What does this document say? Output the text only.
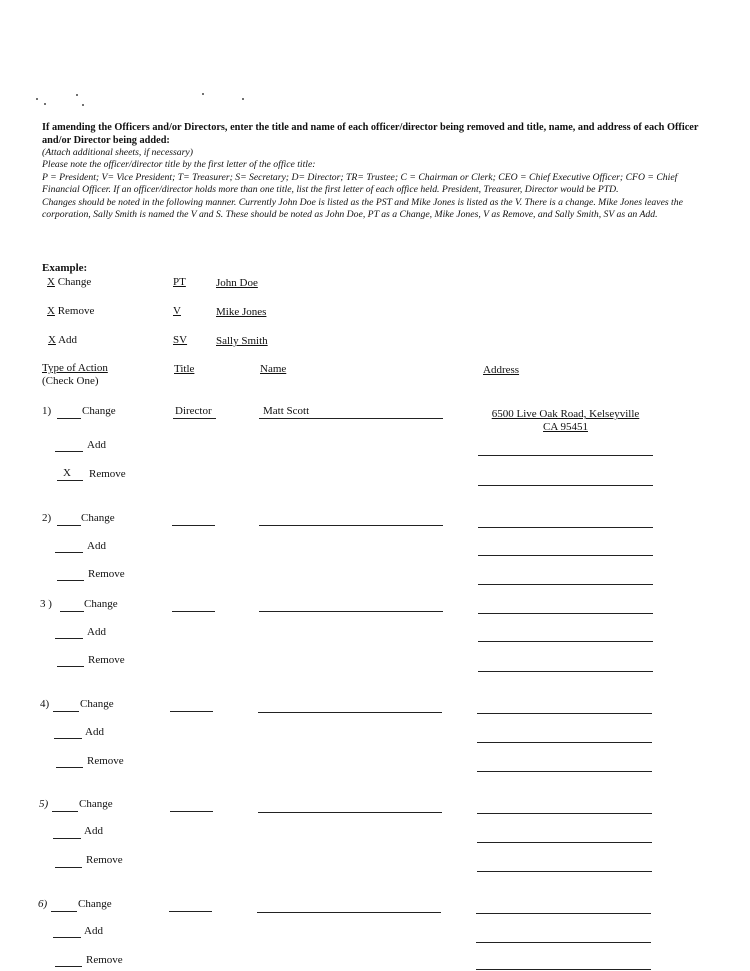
If amending the Officers and/or Directors, enter the title and name of each officer/director being removed and title, name, and address of each Officer and/or Director being added:
(Attach additional sheets, if necessary)
Please note the officer/director title by the first letter of the office title:
P = President; V= Vice President; T= Treasurer; S= Secretary; D= Director; TR= Trustee; C = Chairman or Clerk; CEO = Chief Executive Officer; CFO = Chief Financial Officer. If an officer/director holds more than one title, list the first letter of each office held. President, Treasurer, Director would be PTD.
Changes should be noted in the following manner. Currently John Doe is listed as the PST and Mike Jones is listed as the V. There is a change. Mike Jones leaves the corporation, Sally Smith is named the V and S. These should be noted as John Doe, PT as a Change, Mike Jones, V as Remove, and Sally Smith, SV as an Add.
Example:
X Change	PT	John Doe
X Remove	V	Mike Jones
X Add	SV	Sally Smith
Type of Action
(Check One)
Title	Name	Address
1)	Change	Director	Matt Scott	6500 Live Oak Road, Kelseyville
CA 95451
Add
X Remove
2)	Change
Add
Remove
3 )	Change
Add
Remove
4)	Change
Add
Remove
5)	Change
Add
Remove
6)	Change
Add
Remove
